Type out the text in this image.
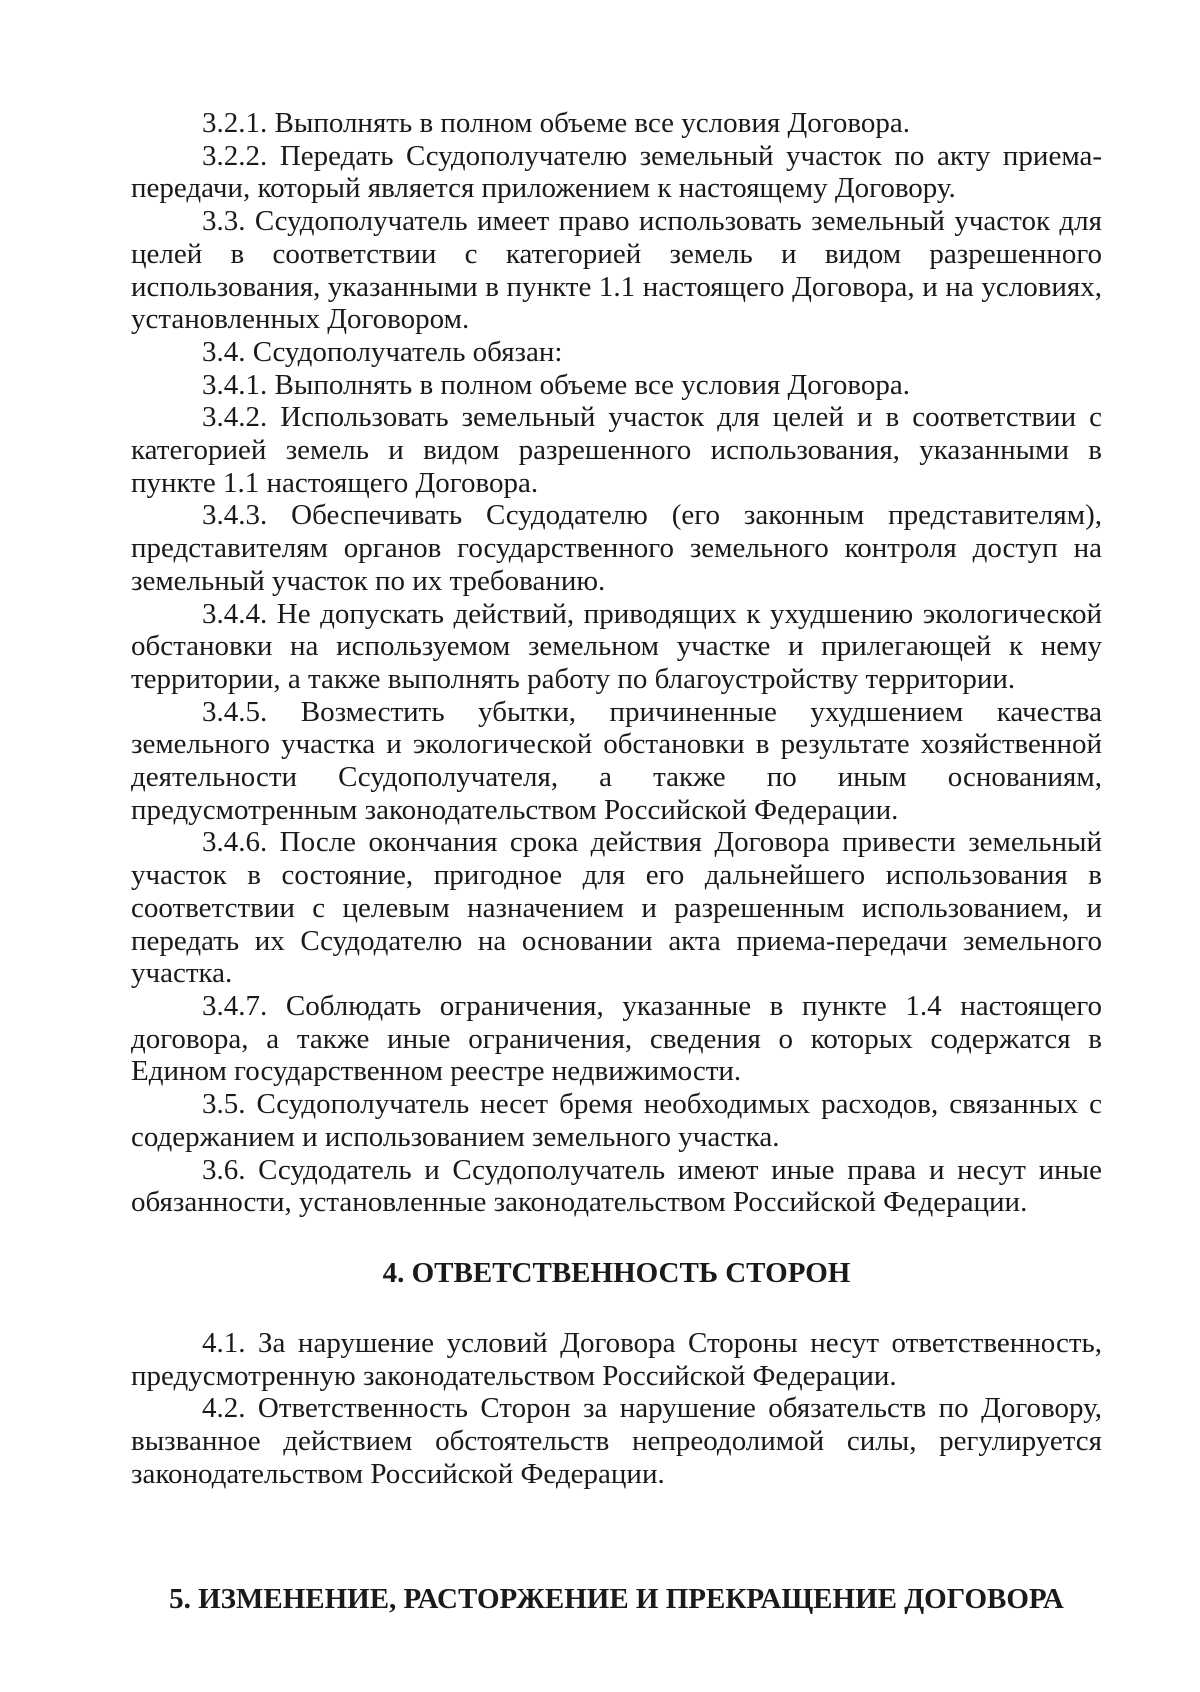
3.2.1. Выполнять в полном объеме все условия Договора.

3.2.2. Передать Ссудополучателю земельный участок по акту приема-передачи, который является приложением к настоящему Договору.

3.3. Ссудополучатель имеет право использовать земельный участок для целей в соответствии с категорией земель и видом разрешенного использования, указанными в пункте 1.1 настоящего Договора, и на условиях, установленных Договором.

3.4. Ссудополучатель обязан:

3.4.1. Выполнять в полном объеме все условия Договора.

3.4.2. Использовать земельный участок для целей и в соответствии с категорией земель и видом разрешенного использования, указанными в пункте 1.1 настоящего Договора.

3.4.3. Обеспечивать Ссудодателю (его законным представителям), представителям органов государственного земельного контроля доступ на земельный участок по их требованию.

3.4.4. Не допускать действий, приводящих к ухудшению экологической обстановки на используемом земельном участке и прилегающей к нему территории, а также выполнять работу по благоустройству территории.

3.4.5. Возместить убытки, причиненные ухудшением качества земельного участка и экологической обстановки в результате хозяйственной деятельности Ссудополучателя, а также по иным основаниям, предусмотренным законодательством Российской Федерации.

3.4.6. После окончания срока действия Договора привести земельный участок в состояние, пригодное для его дальнейшего использования в соответствии с целевым назначением и разрешенным использованием, и передать их Ссудодателю на основании акта приема-передачи земельного участка.

3.4.7. Соблюдать ограничения, указанные в пункте 1.4 настоящего договора, а также иные ограничения, сведения о которых содержатся в Едином государственном реестре недвижимости.

3.5. Ссудополучатель несет бремя необходимых расходов, связанных с содержанием и использованием земельного участка.

3.6. Ссудодатель и Ссудополучатель имеют иные права и несут иные обязанности, установленные законодательством Российской Федерации.

4. ОТВЕТСТВЕННОСТЬ СТОРОН

4.1. За нарушение условий Договора Стороны несут ответственность, предусмотренную законодательством Российской Федерации.

4.2. Ответственность Сторон за нарушение обязательств по Договору, вызванное действием обстоятельств непреодолимой силы, регулируется законодательством Российской Федерации.

5. ИЗМЕНЕНИЕ, РАСТОРЖЕНИЕ И ПРЕКРАЩЕНИЕ ДОГОВОРА
